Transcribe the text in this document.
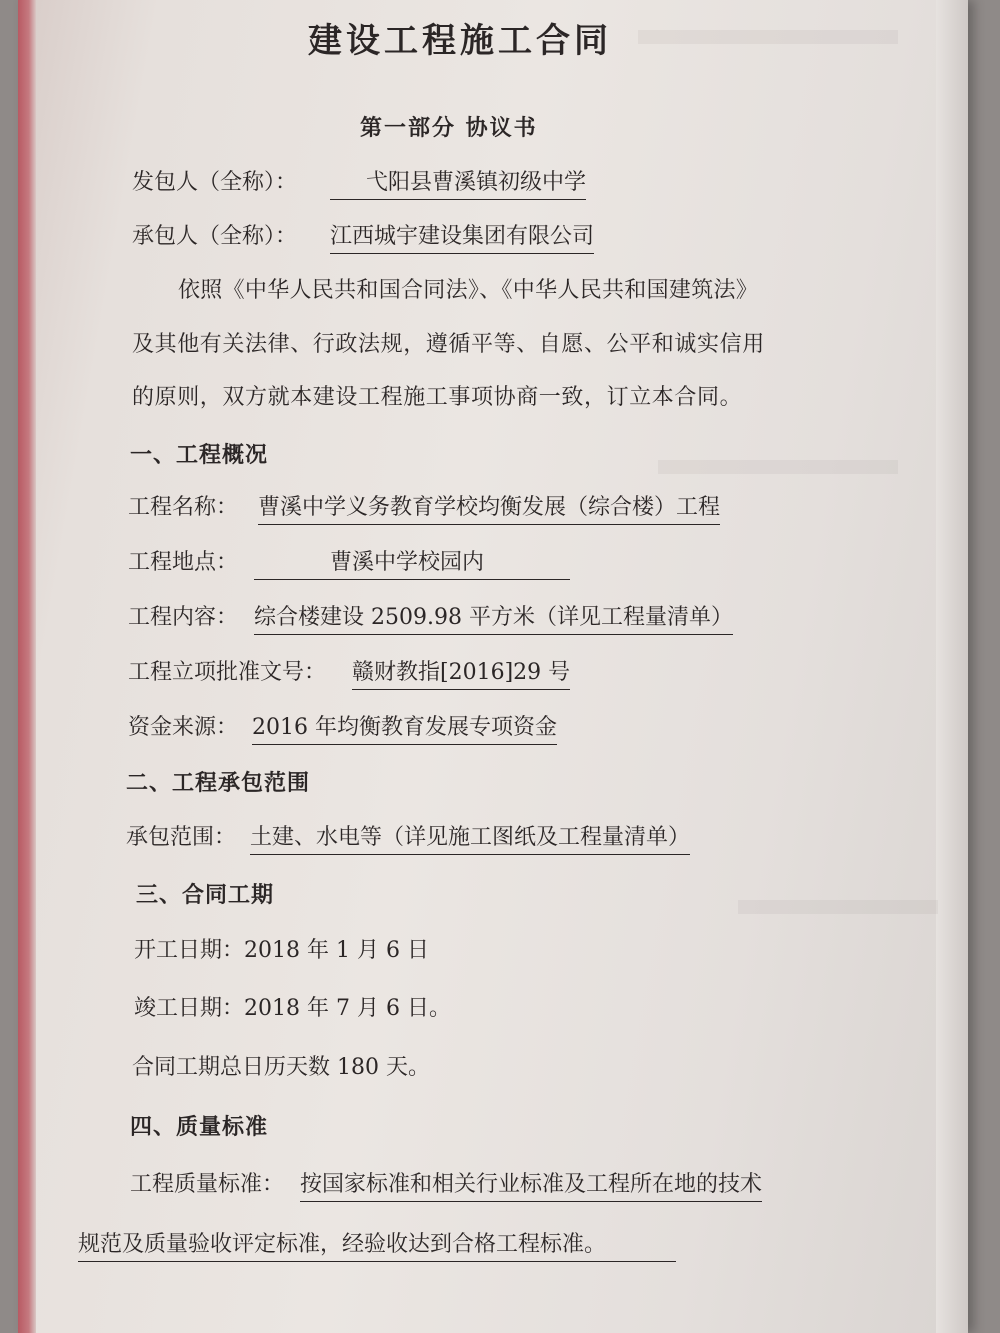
建设工程施工合同
第一部分 协议书
发包人（全称）：	弋阳县曹溪镇初级中学
承包人（全称）： 江西城宇建设集团有限公司
依照《中华人民共和国合同法》、《中华人民共和国建筑法》
及其他有关法律、行政法规，遵循平等、自愿、公平和诚实信用
的原则，双方就本建设工程施工事项协商一致，订立本合同。
一、工程概况
工程名称： 曹溪中学义务教育学校均衡发展（综合楼）工程
工程地点：	曹溪中学校园内
工程内容： 综合楼建设 2509.98 平方米（详见工程量清单）
工程立项批准文号： 赣财教指[2016]29 号
资金来源： 2016 年均衡教育发展专项资金
二、工程承包范围
承包范围： 土建、水电等（详见施工图纸及工程量清单）
三、合同工期
开工日期：2018 年 1 月 6 日
竣工日期：2018 年 7 月 6 日。
合同工期总日历天数 180 天。
四、质量标准
工程质量标准： 按国家标准和相关行业标准及工程所在地的技术
规范及质量验收评定标准，经验收达到合格工程标准。
